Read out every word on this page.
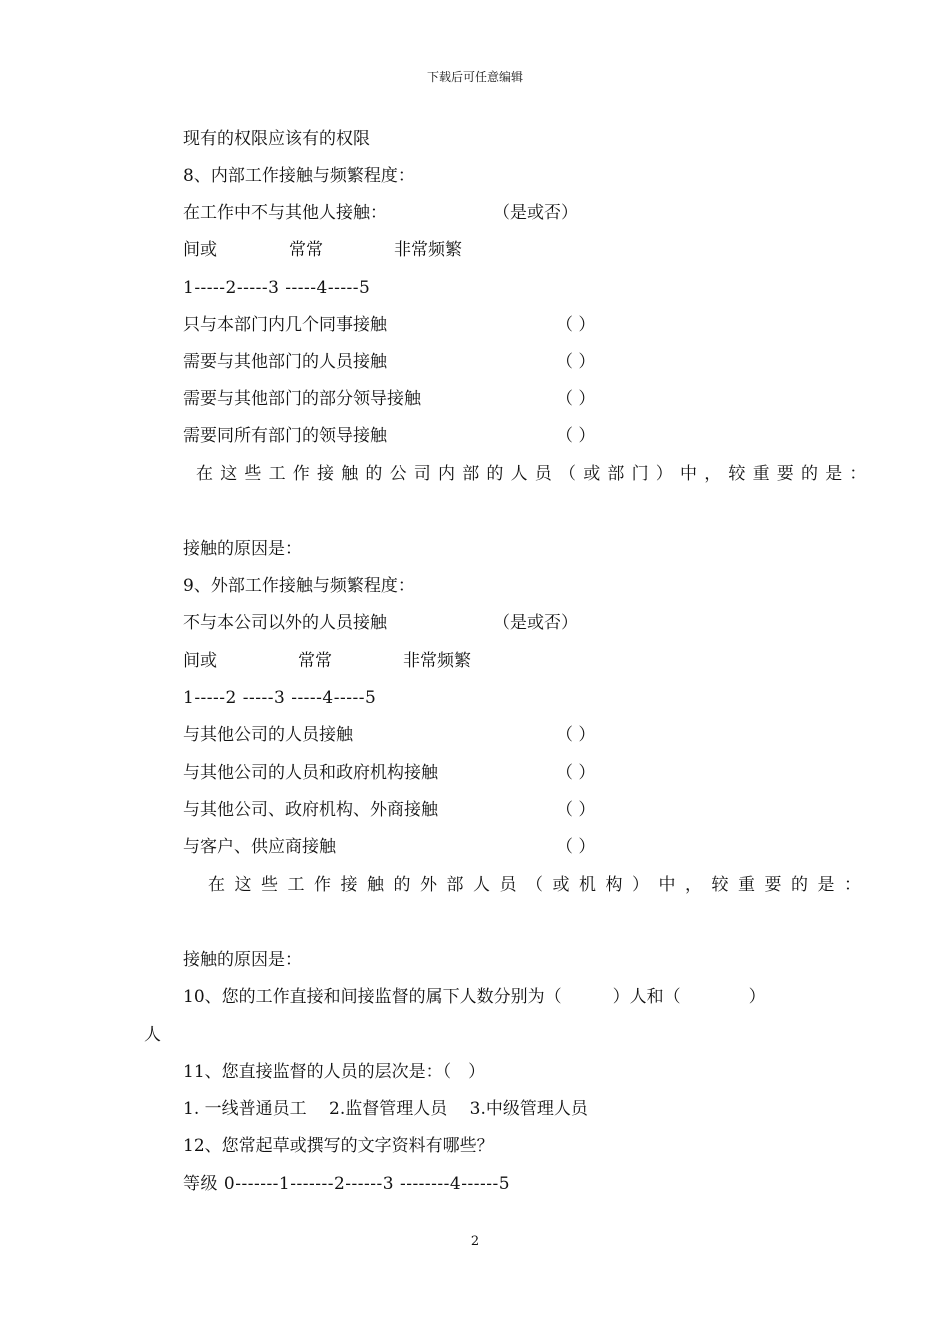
下载后可任意编辑
现有的权限应该有的权限
8、内部工作接触与频繁程度：
在工作中不与其他人接触：	（是或否）
间或	常常	非常频繁
1-----2-----3 -----4-----5
只与本部门内几个同事接触	（ ）
需要与其他部门的人员接触	（ ）
需要与其他部门的部分领导接触	（ ）
需要同所有部门的领导接触	（ ）
在这些工作接触的公司内部的人员（或部门）中，较重要的是：
接触的原因是：
9、外部工作接触与频繁程度：
不与本公司以外的人员接触	（是或否）
间或	常常	非常频繁
1-----2 -----3 -----4-----5
与其他公司的人员接触	（ ）
与其他公司的人员和政府机构接触	（ ）
与其他公司、政府机构、外商接触	（ ）
与客户、供应商接触	（ ）
在这些工作接触的外部人员（或机构）中，较重要的是：
接触的原因是：
10、您的工作直接和间接监督的属下人数分别为（　　　）人和（　　　　）
人
11、您直接监督的人员的层次是：（　）
1. 一线普通员工　 2.监督管理人员　 3.中级管理人员
12、您常起草或撰写的文字资料有哪些？
等级 0-------1-------2------3 --------4------5
2
